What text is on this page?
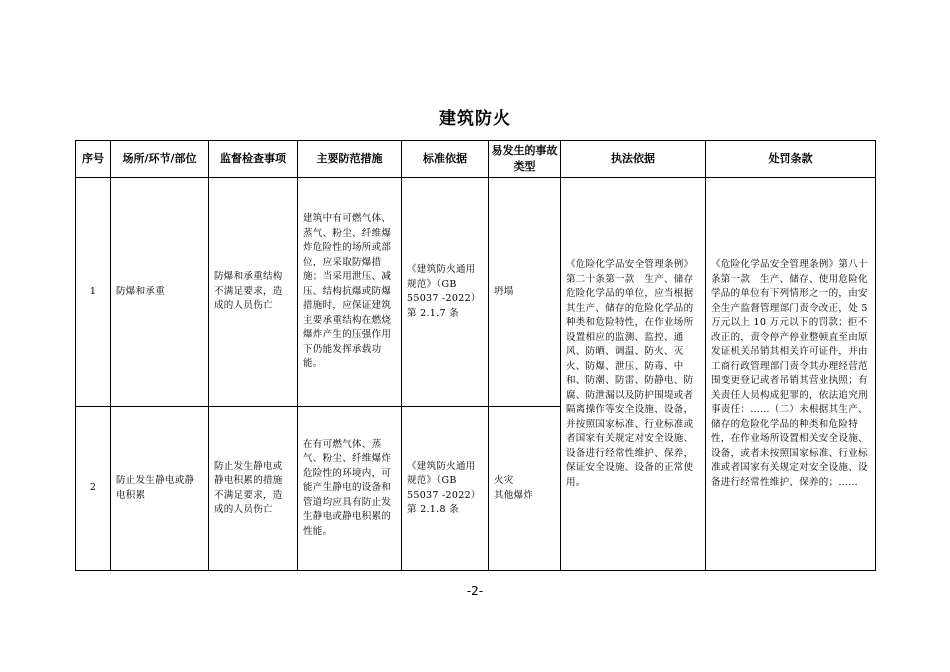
建筑防火
序号	场所/环节/部位	监督检查事项	主要防范措施	标准依据	易发生的事故类型	执法依据	处罚条款
1	防爆和承重	防爆和承重结构不满足要求，造成的人员伤亡	建筑中有可燃气体、蒸气、粉尘、纤维爆炸危险性的场所或部位，应采取防爆措施；当采用泄压、减压、结构抗爆或防爆措施时，应保证建筑主要承重结构在燃烧爆炸产生的压强作用下仍能发挥承载功能。	《建筑防火通用规范》（GB 55037 -2022）第 2.1.7 条	坍塌	《危险化学品安全管理条例》第二十条第一款　生产、储存危险化学品的单位，应当根据其生产、储存的危险化学品的种类和危险特性，在作业场所设置相应的监测、监控、通风、防晒、调温、防火、灭火、防爆、泄压、防毒、中和、防潮、防雷、防静电、防腐、防泄漏以及防护围堤或者隔离操作等安全设施、设备，并按照国家标准、行业标准或者国家有关规定对安全设施、设备进行经常性维护、保养，保证安全设施、设备的正常使用。	《危险化学品安全管理条例》第八十条第一款　生产、储存、使用危险化学品的单位有下列情形之一的，由安全生产监督管理部门责令改正，处 5 万元以上 10 万元以下的罚款；拒不改正的，责令停产停业整顿直至由原发证机关吊销其相关许可证件，并由工商行政管理部门责令其办理经营范围变更登记或者吊销其营业执照；有关责任人员构成犯罪的，依法追究刑事责任：……（二）未根据其生产、储存的危险化学品的种类和危险特性，在作业场所设置相关安全设施、设备，或者未按照国家标准、行业标准或者国家有关规定对安全设施、设备进行经常性维护、保养的；……
2	防止发生静电或静电积累	防止发生静电或静电积累的措施不满足要求，造成的人员伤亡	在有可燃气体、蒸气、粉尘、纤维爆炸危险性的环境内，可能产生静电的设备和管道均应具有防止发生静电或静电积累的性能。	《建筑防火通用规范》（GB 55037 -2022）第 2.1.8 条	火灾
其他爆炸		
-2-
